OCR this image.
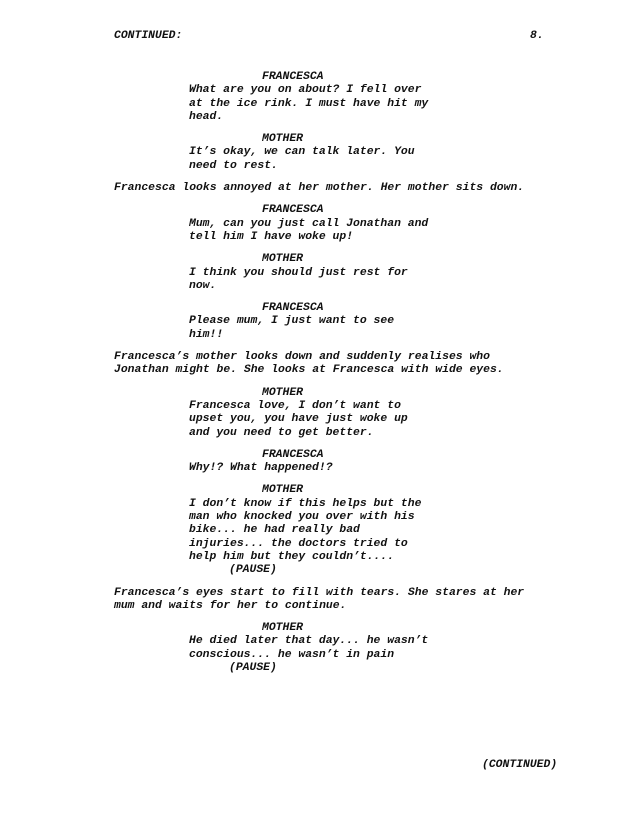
CONTINUED:	8.
FRANCESCA
What are you on about? I fell over
at the ice rink. I must have hit my
head.
MOTHER
It’s okay, we can talk later. You
need to rest.
Francesca looks annoyed at her mother. Her mother sits down.
FRANCESCA
Mum, can you just call Jonathan and
tell him I have woke up!
MOTHER
I think you should just rest for
now.
FRANCESCA
Please mum, I just want to see
him!!
Francesca’s mother looks down and suddenly realises who
Jonathan might be. She looks at Francesca with wide eyes.
MOTHER
Francesca love, I don’t want to
upset you, you have just woke up
and you need to get better.
FRANCESCA
Why!? What happened!?
MOTHER
I don’t know if this helps but the
man who knocked you over with his
bike... he had really bad
injuries... the doctors tried to
help him but they couldn’t....
(PAUSE)
Francesca’s eyes start to fill with tears. She stares at her
mum and waits for her to continue.
MOTHER
He died later that day... he wasn’t
conscious... he wasn’t in pain
(PAUSE)
(CONTINUED)
